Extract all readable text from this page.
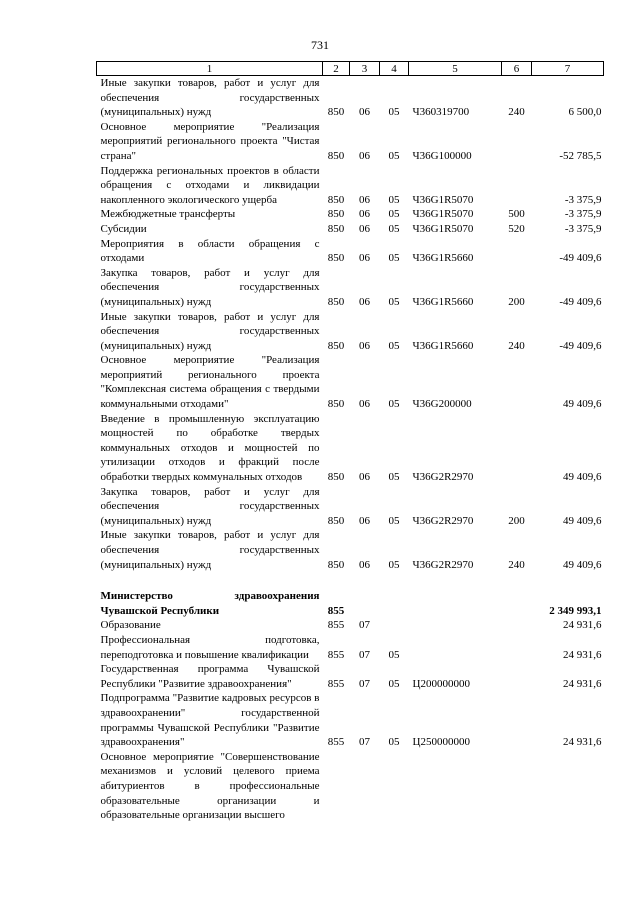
731
1	2	3	4	5	6	7
Иные закупки товаров, работ и услуг для обеспечения государственных (муниципальных) нужд	850	06	05	Ч360319700	240	6 500,0
Основное мероприятие "Реализация мероприятий регионального проекта "Чистая страна"	850	06	05	Ч36G100000		-52 785,5
Поддержка региональных проектов в области обращения с отходами и ликвидации накопленного экологического ущерба	850	06	05	Ч36G1R5070		-3 375,9
Межбюджетные трансферты	850	06	05	Ч36G1R5070	500	-3 375,9
Субсидии	850	06	05	Ч36G1R5070	520	-3 375,9
Мероприятия в области обращения с отходами	850	06	05	Ч36G1R5660		-49 409,6
Закупка товаров, работ и услуг для обеспечения государственных (муниципальных) нужд	850	06	05	Ч36G1R5660	200	-49 409,6
Иные закупки товаров, работ и услуг для обеспечения государственных (муниципальных) нужд	850	06	05	Ч36G1R5660	240	-49 409,6
Основное мероприятие "Реализация мероприятий регионального проекта "Комплексная система обращения с твердыми коммунальными отходами"	850	06	05	Ч36G200000		49 409,6
Введение в промышленную эксплуатацию мощностей по обработке твердых коммунальных отходов и мощностей по утилизации отходов и фракций после обработки твердых коммунальных отходов	850	06	05	Ч36G2R2970		49 409,6
Закупка товаров, работ и услуг для обеспечения государственных (муниципальных) нужд	850	06	05	Ч36G2R2970	200	49 409,6
Иные закупки товаров, работ и услуг для обеспечения государственных (муниципальных) нужд	850	06	05	Ч36G2R2970	240	49 409,6

Министерство здравоохранения Чувашской Республики	855					2 349 993,1
Образование	855	07				24 931,6
Профессиональная подготовка, переподготовка и повышение квалификации	855	07	05			24 931,6
Государственная программа Чувашской Республики "Развитие здравоохранения"	855	07	05	Ц200000000		24 931,6
Подпрограмма "Развитие кадровых ресурсов в здравоохранении" государственной программы Чувашской Республики "Развитие здравоохранения"	855	07	05	Ц250000000		24 931,6
Основное мероприятие "Совершенствование механизмов и условий целевого приема абитуриентов в профессиональные образовательные организации и образовательные организации высшего						
